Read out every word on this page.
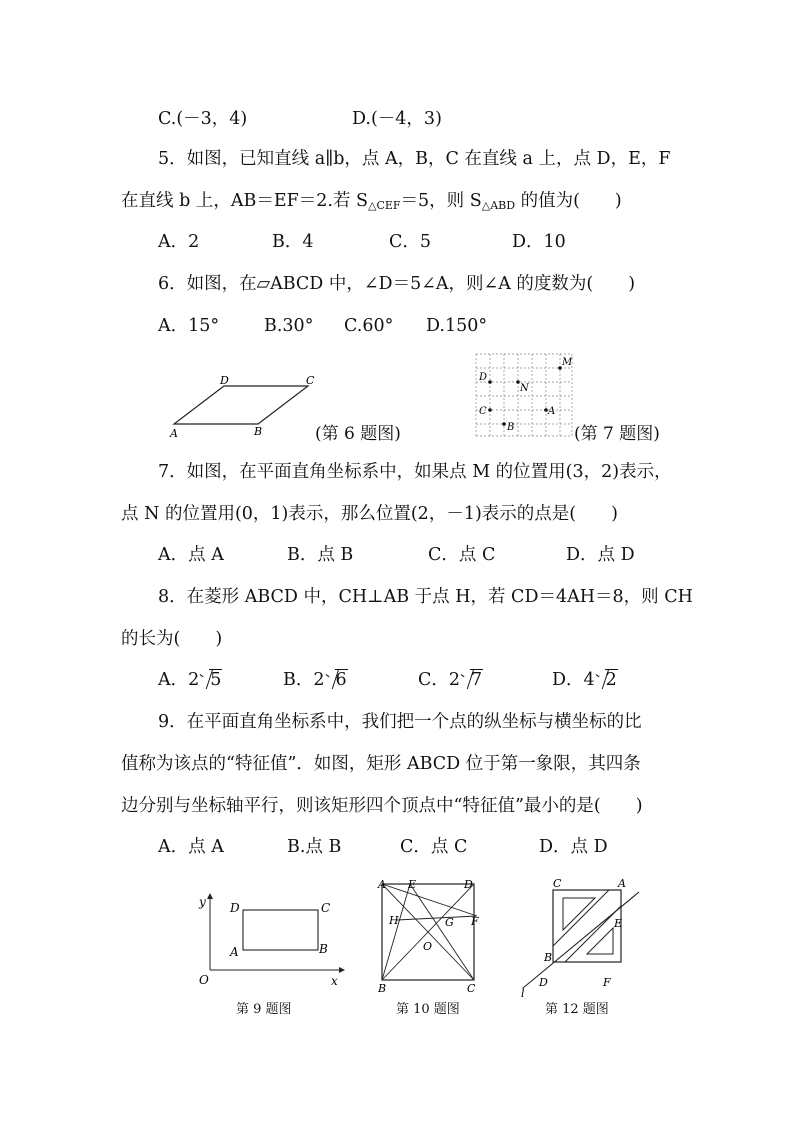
C.(－3，4)	D.(－4，3)
5．如图，已知直线 a∥b，点 A，B，C 在直线 a 上，点 D，E，F
在直线 b 上，AB＝EF＝2.若 $S_{\triangle CEF}=5$，则 $S_{\triangle ABD}$ 的值为(　　)
A．2	B．4	C．5	D．10
6．如图，在▱ABCD 中，∠D＝5∠A，则∠A 的度数为(　　)
A．15°	B.30° C.60° D.150°
D	C
A	B	(第 6 题图)
M
D
N
C	A
B	(第 7 题图)
7．如图，在平面直角坐标系中，如果点 M 的位置用(3，2)表示，
点 N 的位置用(0，1)表示，那么位置(2，－1)表示的点是(　　)
A．点 A	B．点 B	C．点 C	D．点 D
8．在菱形 ABCD 中，CH⊥AB 于点 H，若 CD＝4AH＝8，则 CH
的长为(　　)
A．2 5	B．2 6	C．2 7	D．4 2
9．在平面直角坐标系中，我们把一个点的纵坐标与横坐标的比
值称为该点的“特征值”．如图，矩形 ABCD 位于第一象限，其四条
边分别与坐标轴平行，则该矩形四个顶点中“特征值”最小的是(　　)
A．点 A	B.点 B	C．点 C	D．点 D
y D	C
A	B
O	x
第 9 题图
A E	D
H	G F
O
B	C
第 10 题图
C	A
E
B
D	F
l
第 12 题图
